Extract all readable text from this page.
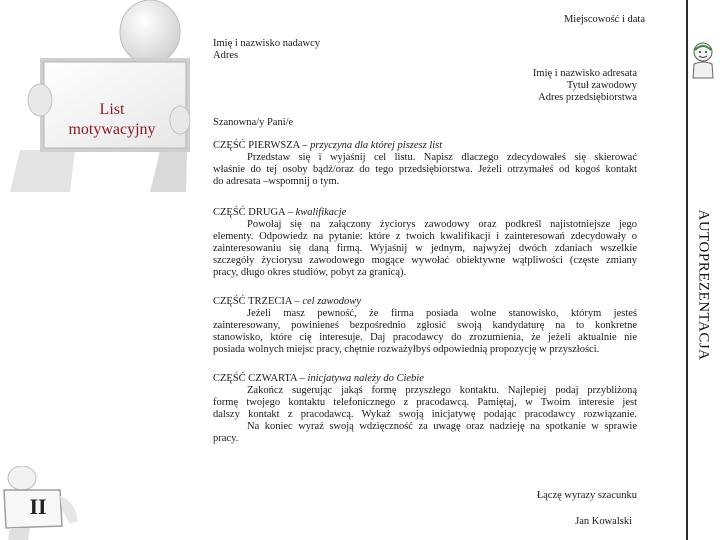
AUTOPREZENTACJA
List
motywacyjny
II
Miejscowość i data
Imię i nazwisko nadawcy
Adres
Imię i nazwisko adresata
Tytuł zawodowy
Adres przedsiębiorstwa
Szanowna/y Pani/e
CZĘŚĆ PIERWSZA – przyczyna dla której piszesz list
Przedstaw się i wyjaśnij cel listu. Napisz dlaczego zdecydowałeś się skierować
właśnie do tej osoby bądź/oraz do tego przedsiębiorstwa. Jeżeli otrzymałeś od kogoś kontakt
do adresata –wspomnij o tym.
CZĘŚĆ DRUGA – kwalifikacje
Powołaj się na załączony życiorys zawodowy oraz podkreśl najistotniejsze jego
elementy. Odpowiedz na pytanie: które z twoich kwalifikacji i zainteresowań zdecydowały o
zainteresowaniu się daną firmą. Wyjaśnij w jednym, najwyżej dwóch zdaniach wszelkie
szczegóły życiorysu zawodowego mogące wywołać obiektywne wątpliwości (częste zmiany
pracy, długo okres studiów, pobyt za granicą).
CZĘŚĆ TRZECIA – cel zawodowy
Jeżeli masz pewność, że firma posiada wolne stanowisko, którym jesteś
zainteresowany, powinieneś bezpośrednio zgłosić swoją kandydaturę na to konkretne
stanowisko, które cię interesuje. Daj pracodawcy do zrozumienia, że jeżeli aktualnie nie
posiada wolnych miejsc pracy, chętnie rozważyłbyś odpowiednią propozycję w przyszłości.
CZĘŚĆ CZWARTA – inicjatywa należy do Ciebie
Zakończ sugerując jakąś formę przyszłego kontaktu. Najlepiej podaj przybliżoną
formę twojego kontaktu telefonicznego z pracodawcą. Pamiętaj, w Twoim interesie jest
dalszy kontakt z pracodawcą. Wykaż swoją inicjatywę podając pracodawcy rozwiązanie.
Na koniec wyraź swoją wdzięczność za uwagę oraz nadzieję na spotkanie w sprawie
pracy.
Łączę wyrazy szacunku
Jan Kowalski
